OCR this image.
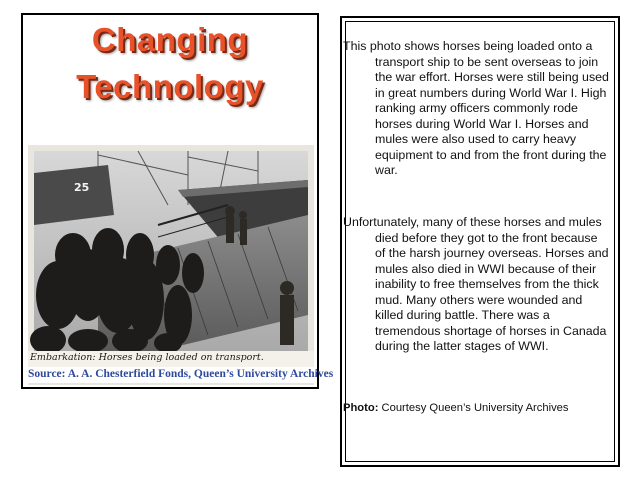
Changing
Technology
25
Embarkation: Horses being loaded on transport.
Source: A. A. Chesterfield Fonds, Queen’s University Archives

This photo shows horses being loaded onto a transport ship to be sent overseas to join the war effort. Horses were still being used in great numbers during World War I. High ranking army officers commonly rode horses during World War I. Horses and mules were also used to carry heavy equipment to and from the front during the war.

Unfortunately, many of these horses and mules died before they got to the front because of the harsh journey overseas. Horses and mules also died in WWI because of their inability to free themselves from the thick mud. Many others were wounded and killed during battle. There was a tremendous shortage of horses in Canada during the latter stages of WWI.

Photo: Courtesy Queen’s University Archives
